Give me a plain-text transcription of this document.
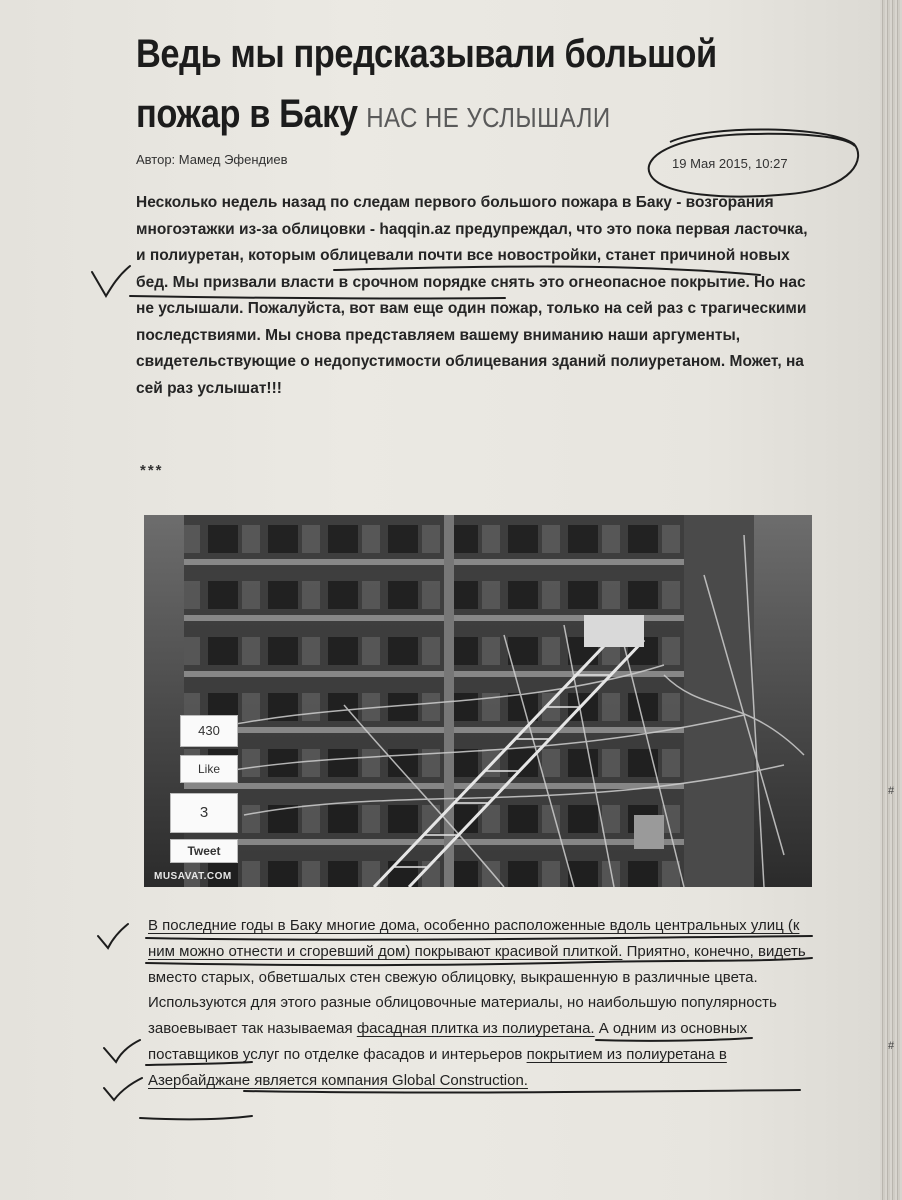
Ведь мы предсказывали большой пожар в Баку НАС НЕ УСЛЫШАЛИ
Автор: Мамед Эфендиев	19 Мая 2015, 10:27
Несколько недель назад по следам первого большого пожара в Баку - возгорания многоэтажки из-за облицовки - haqqin.az предупреждал, что это пока первая ласточка, и полиуретан, которым облицевали почти все новостройки, станет причиной новых бед. Мы призвали власти в срочном порядке снять это огнеопасное покрытие. Но нас не услышали. Пожалуйста, вот вам еще один пожар, только на сей раз с трагическими последствиями. Мы снова представляем вашему вниманию наши аргументы, свидетельствующие о недопустимости облицевания зданий полиуретаном. Может, на сей раз услышат!!!
***
430
Like
3
Tweet
MUSAVAT.COM
В последние годы в Баку многие дома, особенно расположенные вдоль центральных улиц (к ним можно отнести и сгоревший дом) покрывают красивой плиткой. Приятно, конечно, видеть вместо старых, обветшалых стен свежую облицовку, выкрашенную в различные цвета. Используются для этого разные облицовочные материалы, но наибольшую популярность завоевывает так называемая фасадная плитка из полиуретана. А одним из основных поставщиков услуг по отделке фасадов и интерьеров покрытием из полиуретана в Азербайджане является компания Global Construction.
#
#
